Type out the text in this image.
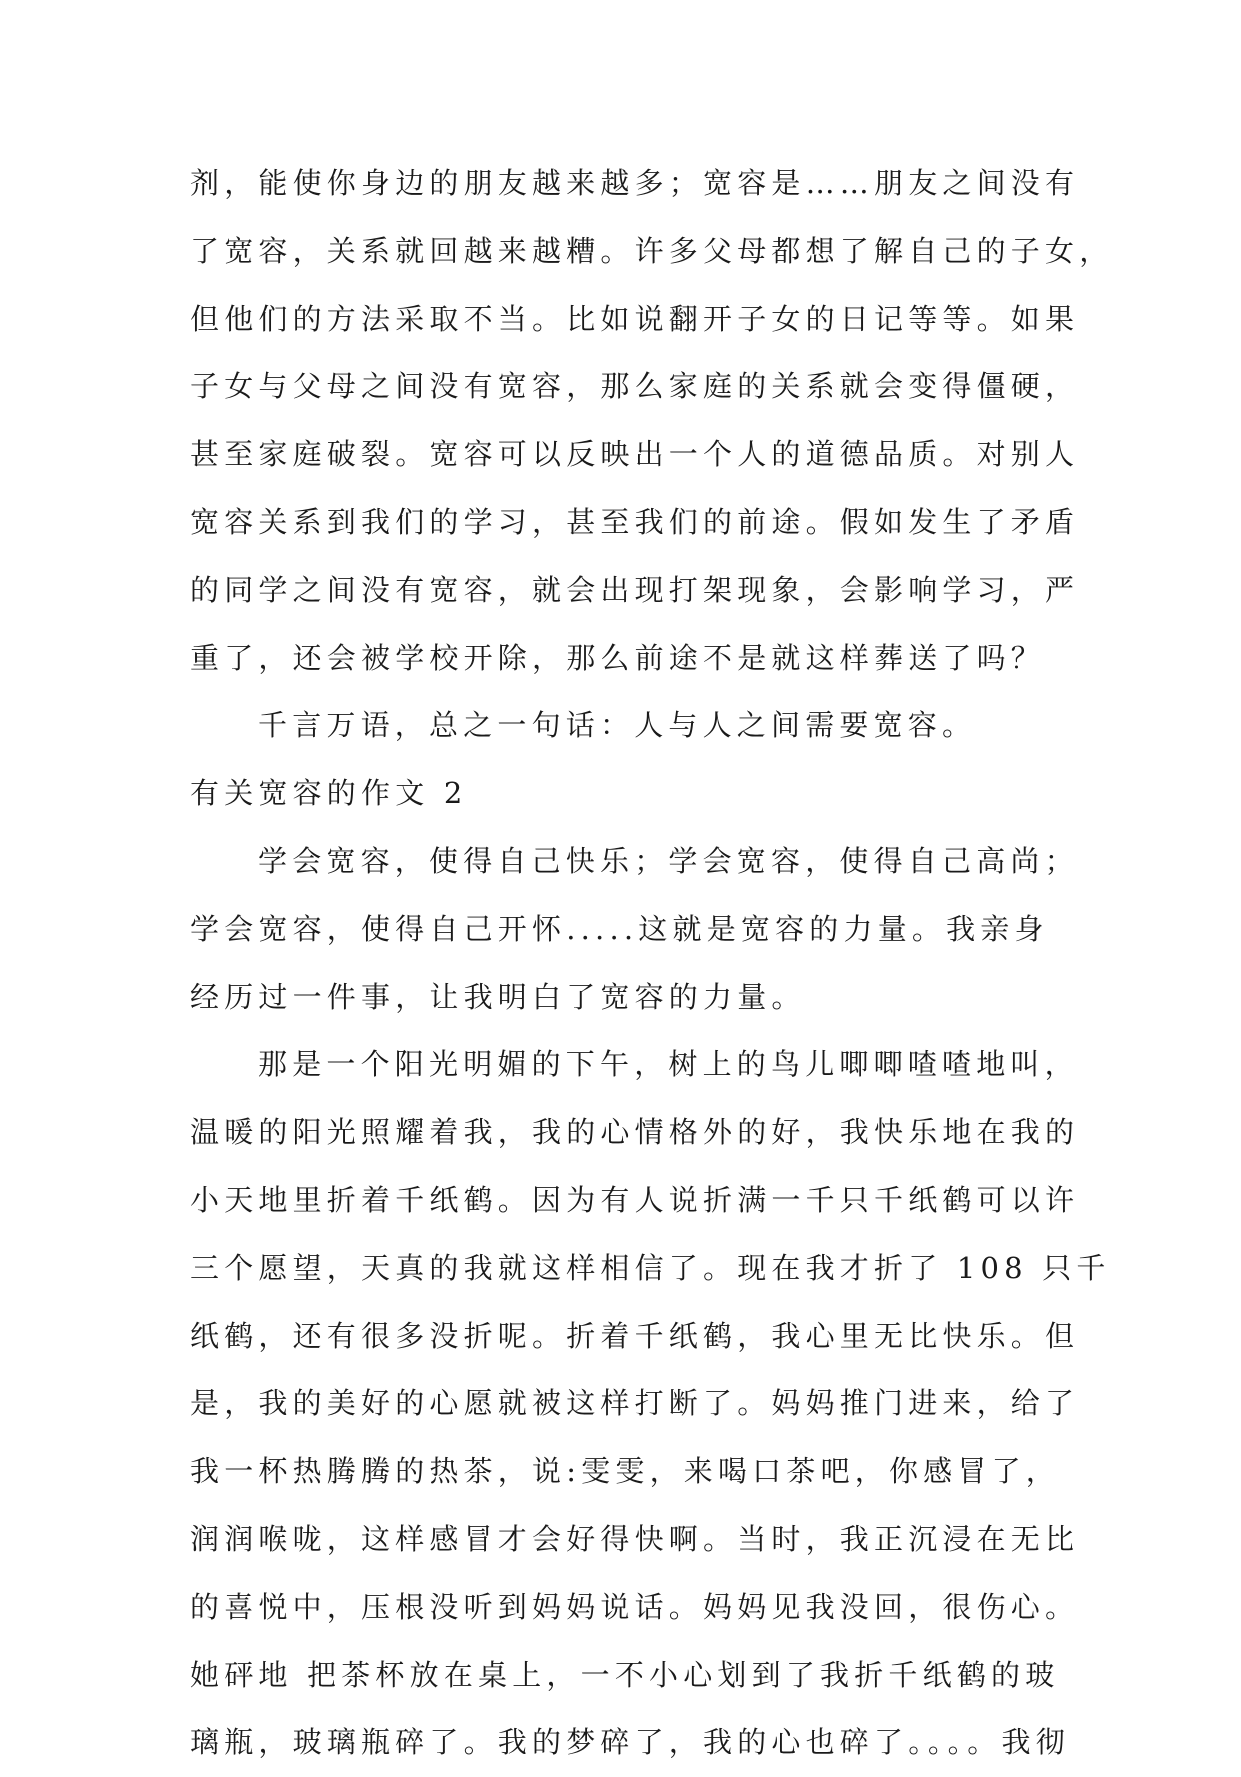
剂，能使你身边的朋友越来越多；宽容是……朋友之间没有
了宽容，关系就回越来越糟。许多父母都想了解自己的子女，
但他们的方法采取不当。比如说翻开子女的日记等等。如果
子女与父母之间没有宽容，那么家庭的关系就会变得僵硬，
甚至家庭破裂。宽容可以反映出一个人的道德品质。对别人
宽容关系到我们的学习，甚至我们的前途。假如发生了矛盾
的同学之间没有宽容，就会出现打架现象，会影响学习，严
重了，还会被学校开除，那么前途不是就这样葬送了吗？
千言万语，总之一句话：人与人之间需要宽容。
有关宽容的作文 2
学会宽容，使得自己快乐；学会宽容，使得自己高尚；
学会宽容，使得自己开怀.....这就是宽容的力量。我亲身
经历过一件事，让我明白了宽容的力量。
那是一个阳光明媚的下午，树上的鸟儿唧唧喳喳地叫，
温暖的阳光照耀着我，我的心情格外的好，我快乐地在我的
小天地里折着千纸鹤。因为有人说折满一千只千纸鹤可以许
三个愿望，天真的我就这样相信了。现在我才折了 108 只千
纸鹤，还有很多没折呢。折着千纸鹤，我心里无比快乐。但
是，我的美好的心愿就被这样打断了。妈妈推门进来，给了
我一杯热腾腾的热茶，说:雯雯，来喝口茶吧，你感冒了，
润润喉咙，这样感冒才会好得快啊。当时，我正沉浸在无比
的喜悦中，压根没听到妈妈说话。妈妈见我没回，很伤心。
她砰地 把茶杯放在桌上，一不小心划到了我折千纸鹤的玻
璃瓶，玻璃瓶碎了。我的梦碎了，我的心也碎了。。。。我彻
